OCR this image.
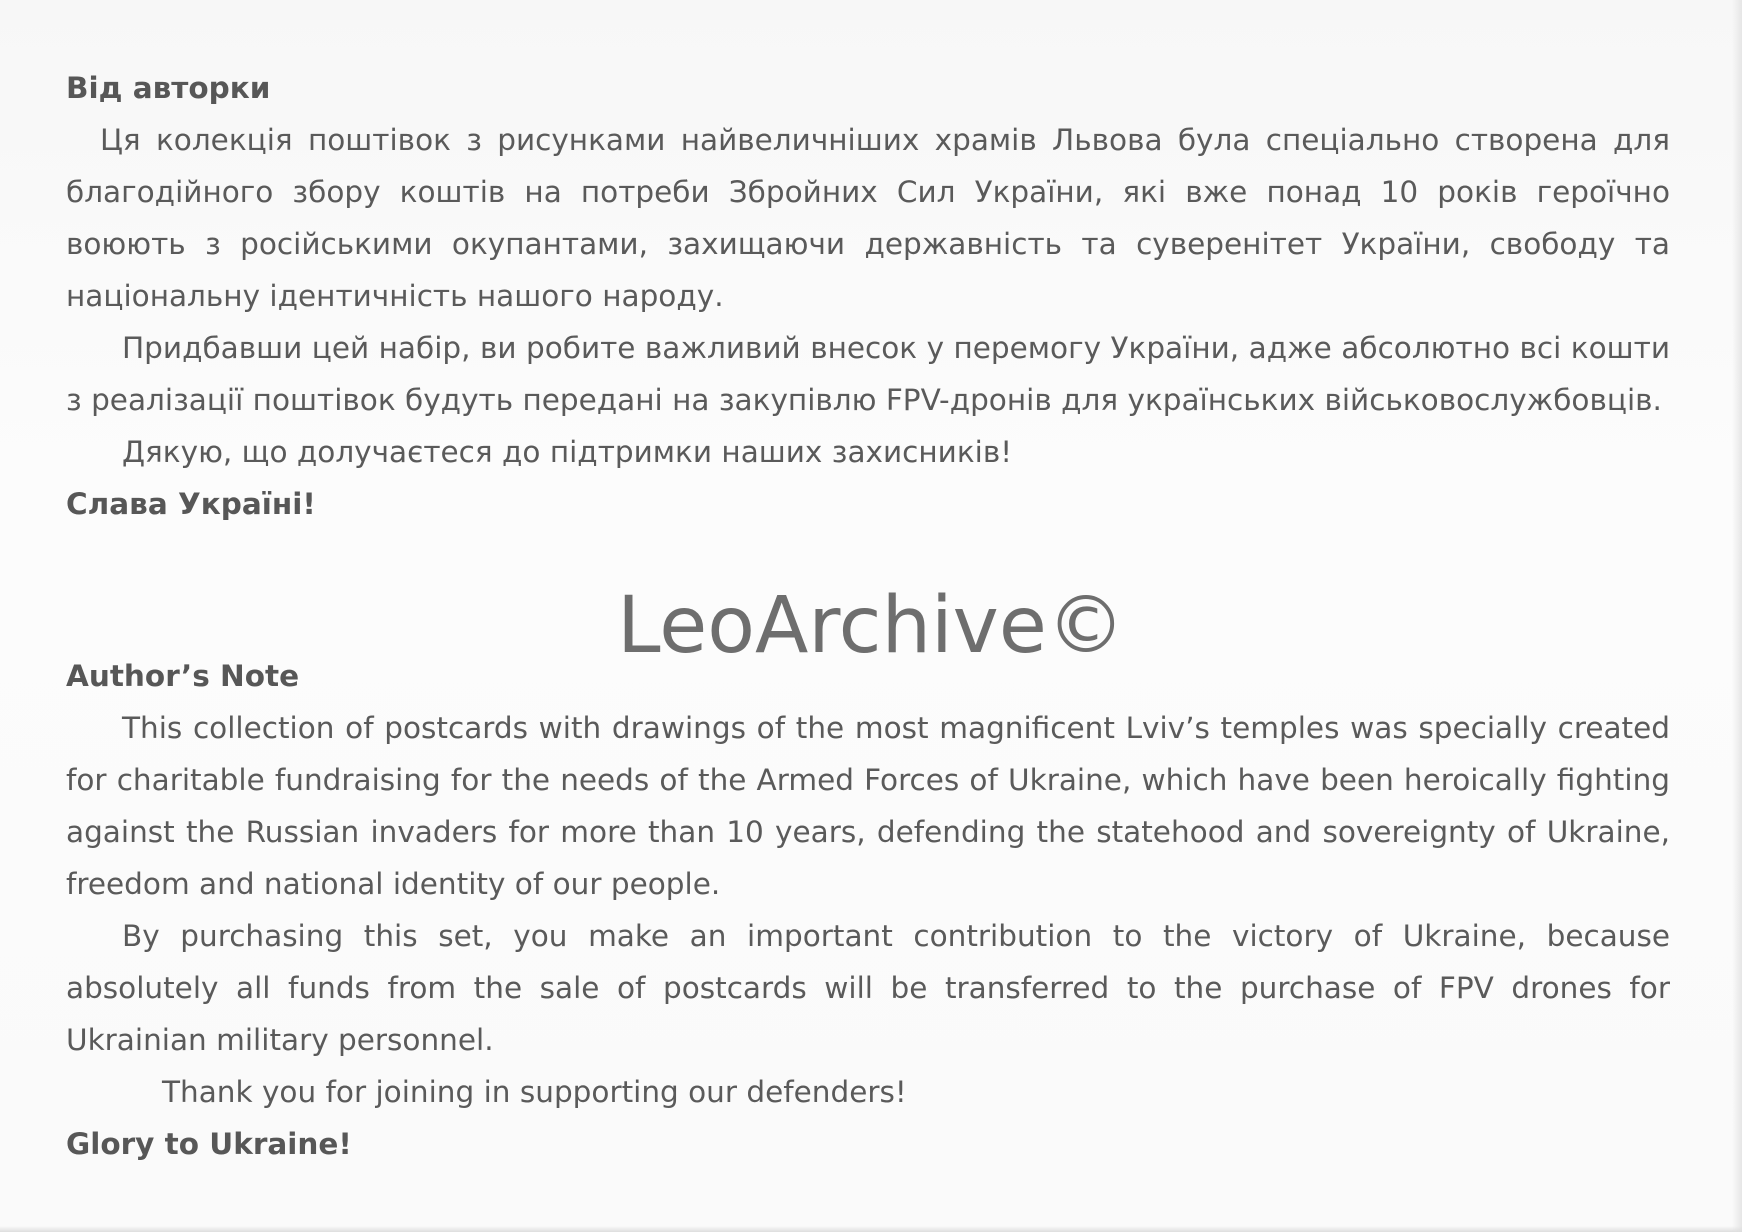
Від авторки

Ця колекція поштівок з рисунками найвеличніших храмів Львова була спеціально створена для благодійного збору коштів на потреби Збройних Сил України, які вже понад 10 років героїчно воюють з російськими окупантами, захищаючи державність та суверенітет України, свободу та національну ідентичність нашого народу.

Придбавши цей набір, ви робите важливий внесок у перемогу України, адже абсолютно всі кошти з реалізації поштівок будуть передані на закупівлю FPV-дронів для українських військовослужбовців.

Дякую, що долучаєтеся до підтримки наших захисників!

Слава Україні!

LeoArchive©

Author’s Note

This collection of postcards with drawings of the most magnificent Lviv’s temples was specially created for charitable fundraising for the needs of the Armed Forces of Ukraine, which have been heroically fighting against the Russian invaders for more than 10 years, defending the statehood and sovereignty of Ukraine, freedom and national identity of our people.

By purchasing this set, you make an important contribution to the victory of Ukraine, because absolutely all funds from the sale of postcards will be transferred to the purchase of FPV drones for Ukrainian military personnel.

Thank you for joining in supporting our defenders!

Glory to Ukraine!
